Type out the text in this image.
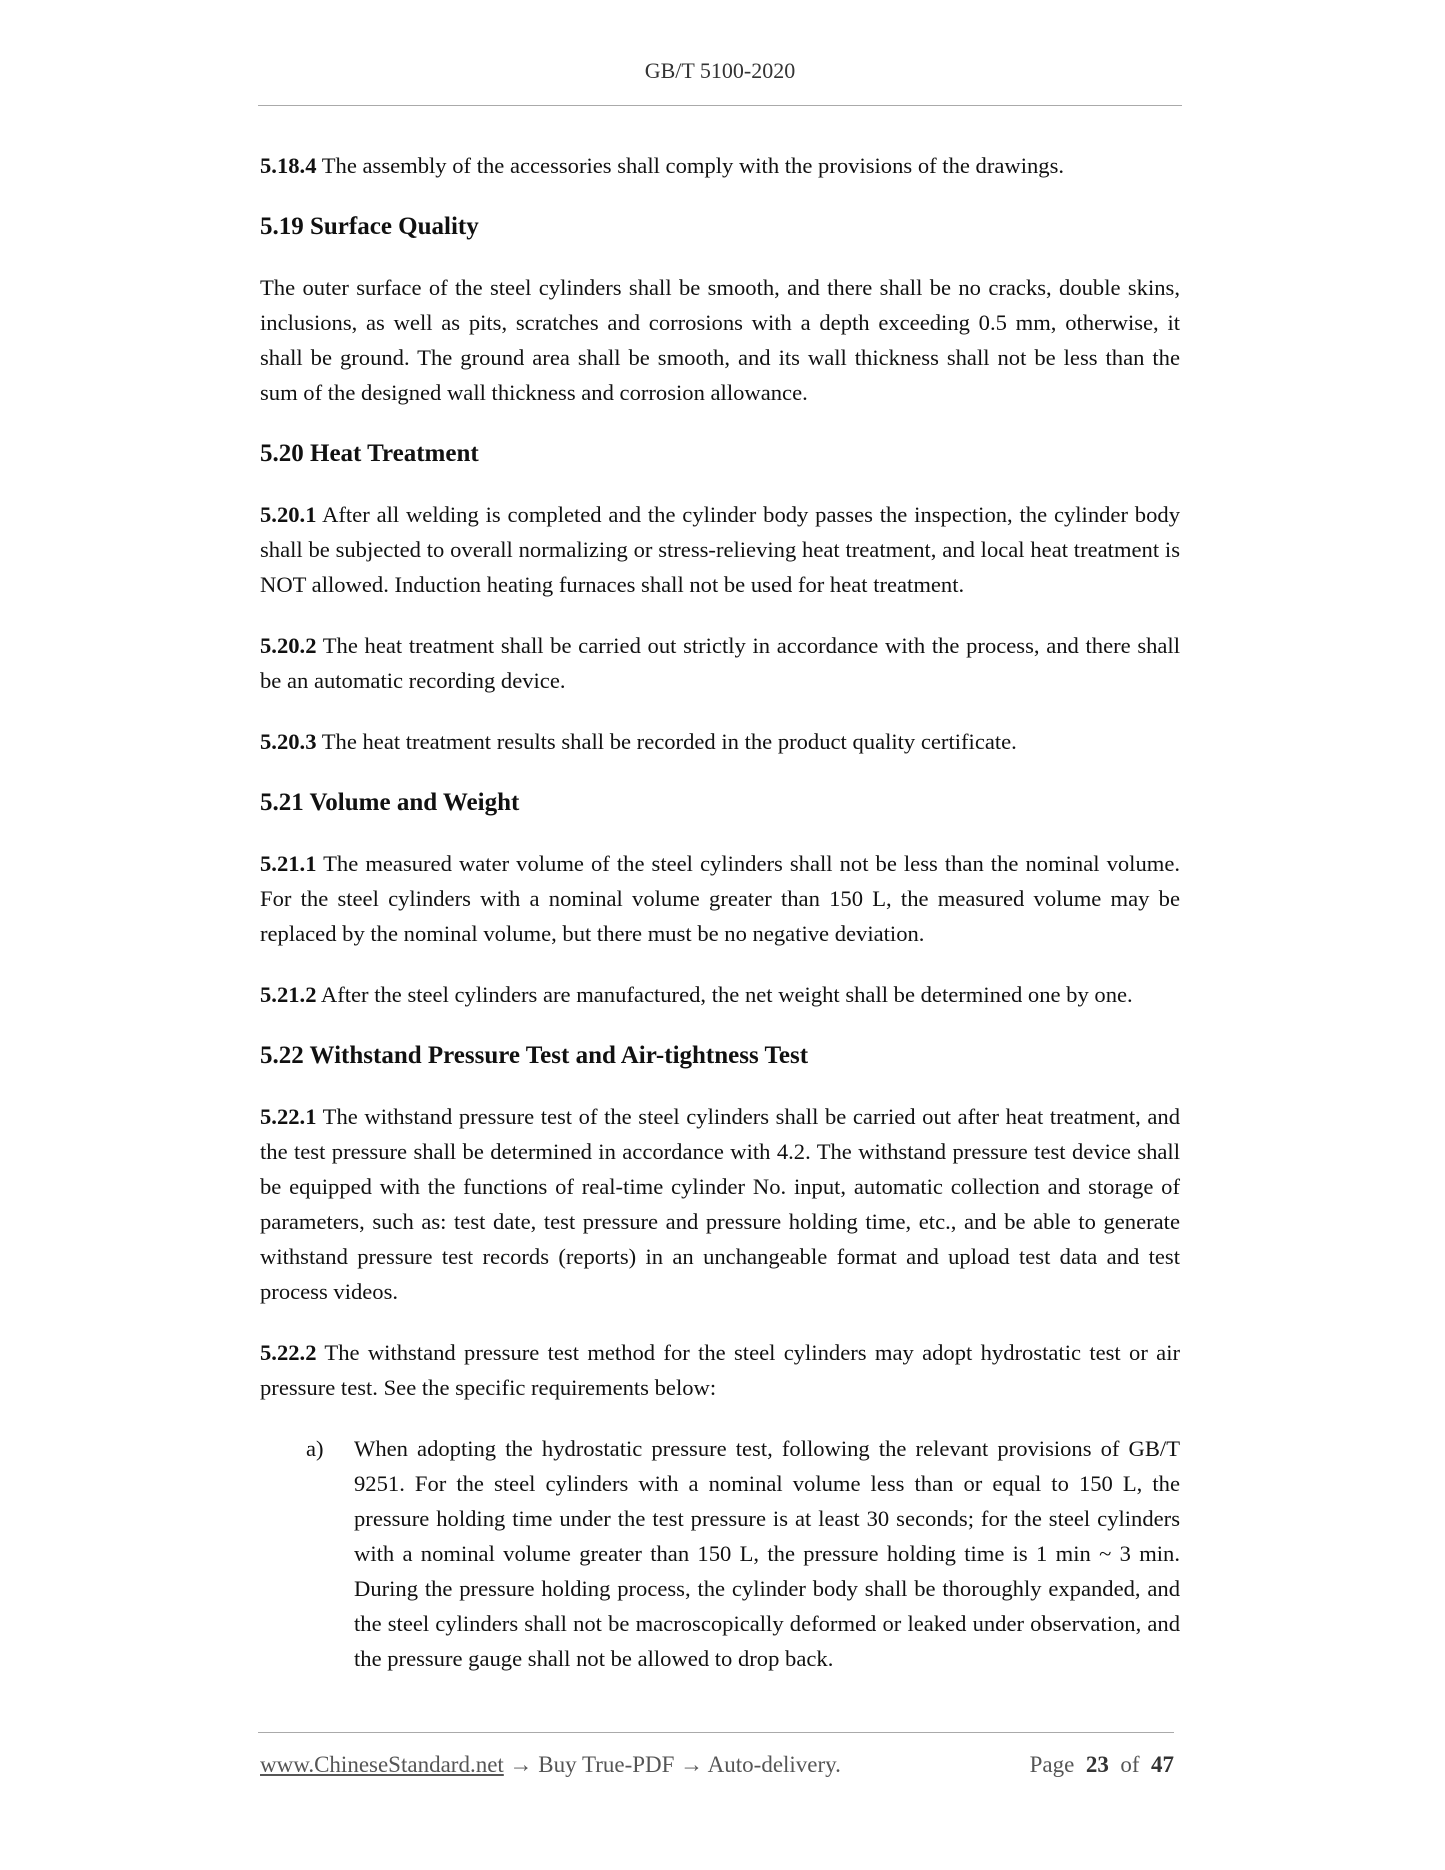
GB/T 5100-2020

5.18.4 The assembly of the accessories shall comply with the provisions of the drawings.

5.19 Surface Quality

The outer surface of the steel cylinders shall be smooth, and there shall be no cracks, double skins, inclusions, as well as pits, scratches and corrosions with a depth exceeding 0.5 mm, otherwise, it shall be ground. The ground area shall be smooth, and its wall thickness shall not be less than the sum of the designed wall thickness and corrosion allowance.

5.20 Heat Treatment

5.20.1 After all welding is completed and the cylinder body passes the inspection, the cylinder body shall be subjected to overall normalizing or stress-relieving heat treatment, and local heat treatment is NOT allowed. Induction heating furnaces shall not be used for heat treatment.

5.20.2 The heat treatment shall be carried out strictly in accordance with the process, and there shall be an automatic recording device.

5.20.3 The heat treatment results shall be recorded in the product quality certificate.

5.21 Volume and Weight

5.21.1 The measured water volume of the steel cylinders shall not be less than the nominal volume. For the steel cylinders with a nominal volume greater than 150 L, the measured volume may be replaced by the nominal volume, but there must be no negative deviation.

5.21.2 After the steel cylinders are manufactured, the net weight shall be determined one by one.

5.22 Withstand Pressure Test and Air-tightness Test

5.22.1 The withstand pressure test of the steel cylinders shall be carried out after heat treatment, and the test pressure shall be determined in accordance with 4.2. The withstand pressure test device shall be equipped with the functions of real-time cylinder No. input, automatic collection and storage of parameters, such as: test date, test pressure and pressure holding time, etc., and be able to generate withstand pressure test records (reports) in an unchangeable format and upload test data and test process videos.

5.22.2 The withstand pressure test method for the steel cylinders may adopt hydrostatic test or air pressure test. See the specific requirements below:

a)	When adopting the hydrostatic pressure test, following the relevant provisions of GB/T 9251. For the steel cylinders with a nominal volume less than or equal to 150 L, the pressure holding time under the test pressure is at least 30 seconds; for the steel cylinders with a nominal volume greater than 150 L, the pressure holding time is 1 min ~ 3 min. During the pressure holding process, the cylinder body shall be thoroughly expanded, and the steel cylinders shall not be macroscopically deformed or leaked under observation, and the pressure gauge shall not be allowed to drop back.
www.ChineseStandard.net → Buy True-PDF → Auto-delivery.	Page 23 of 47
